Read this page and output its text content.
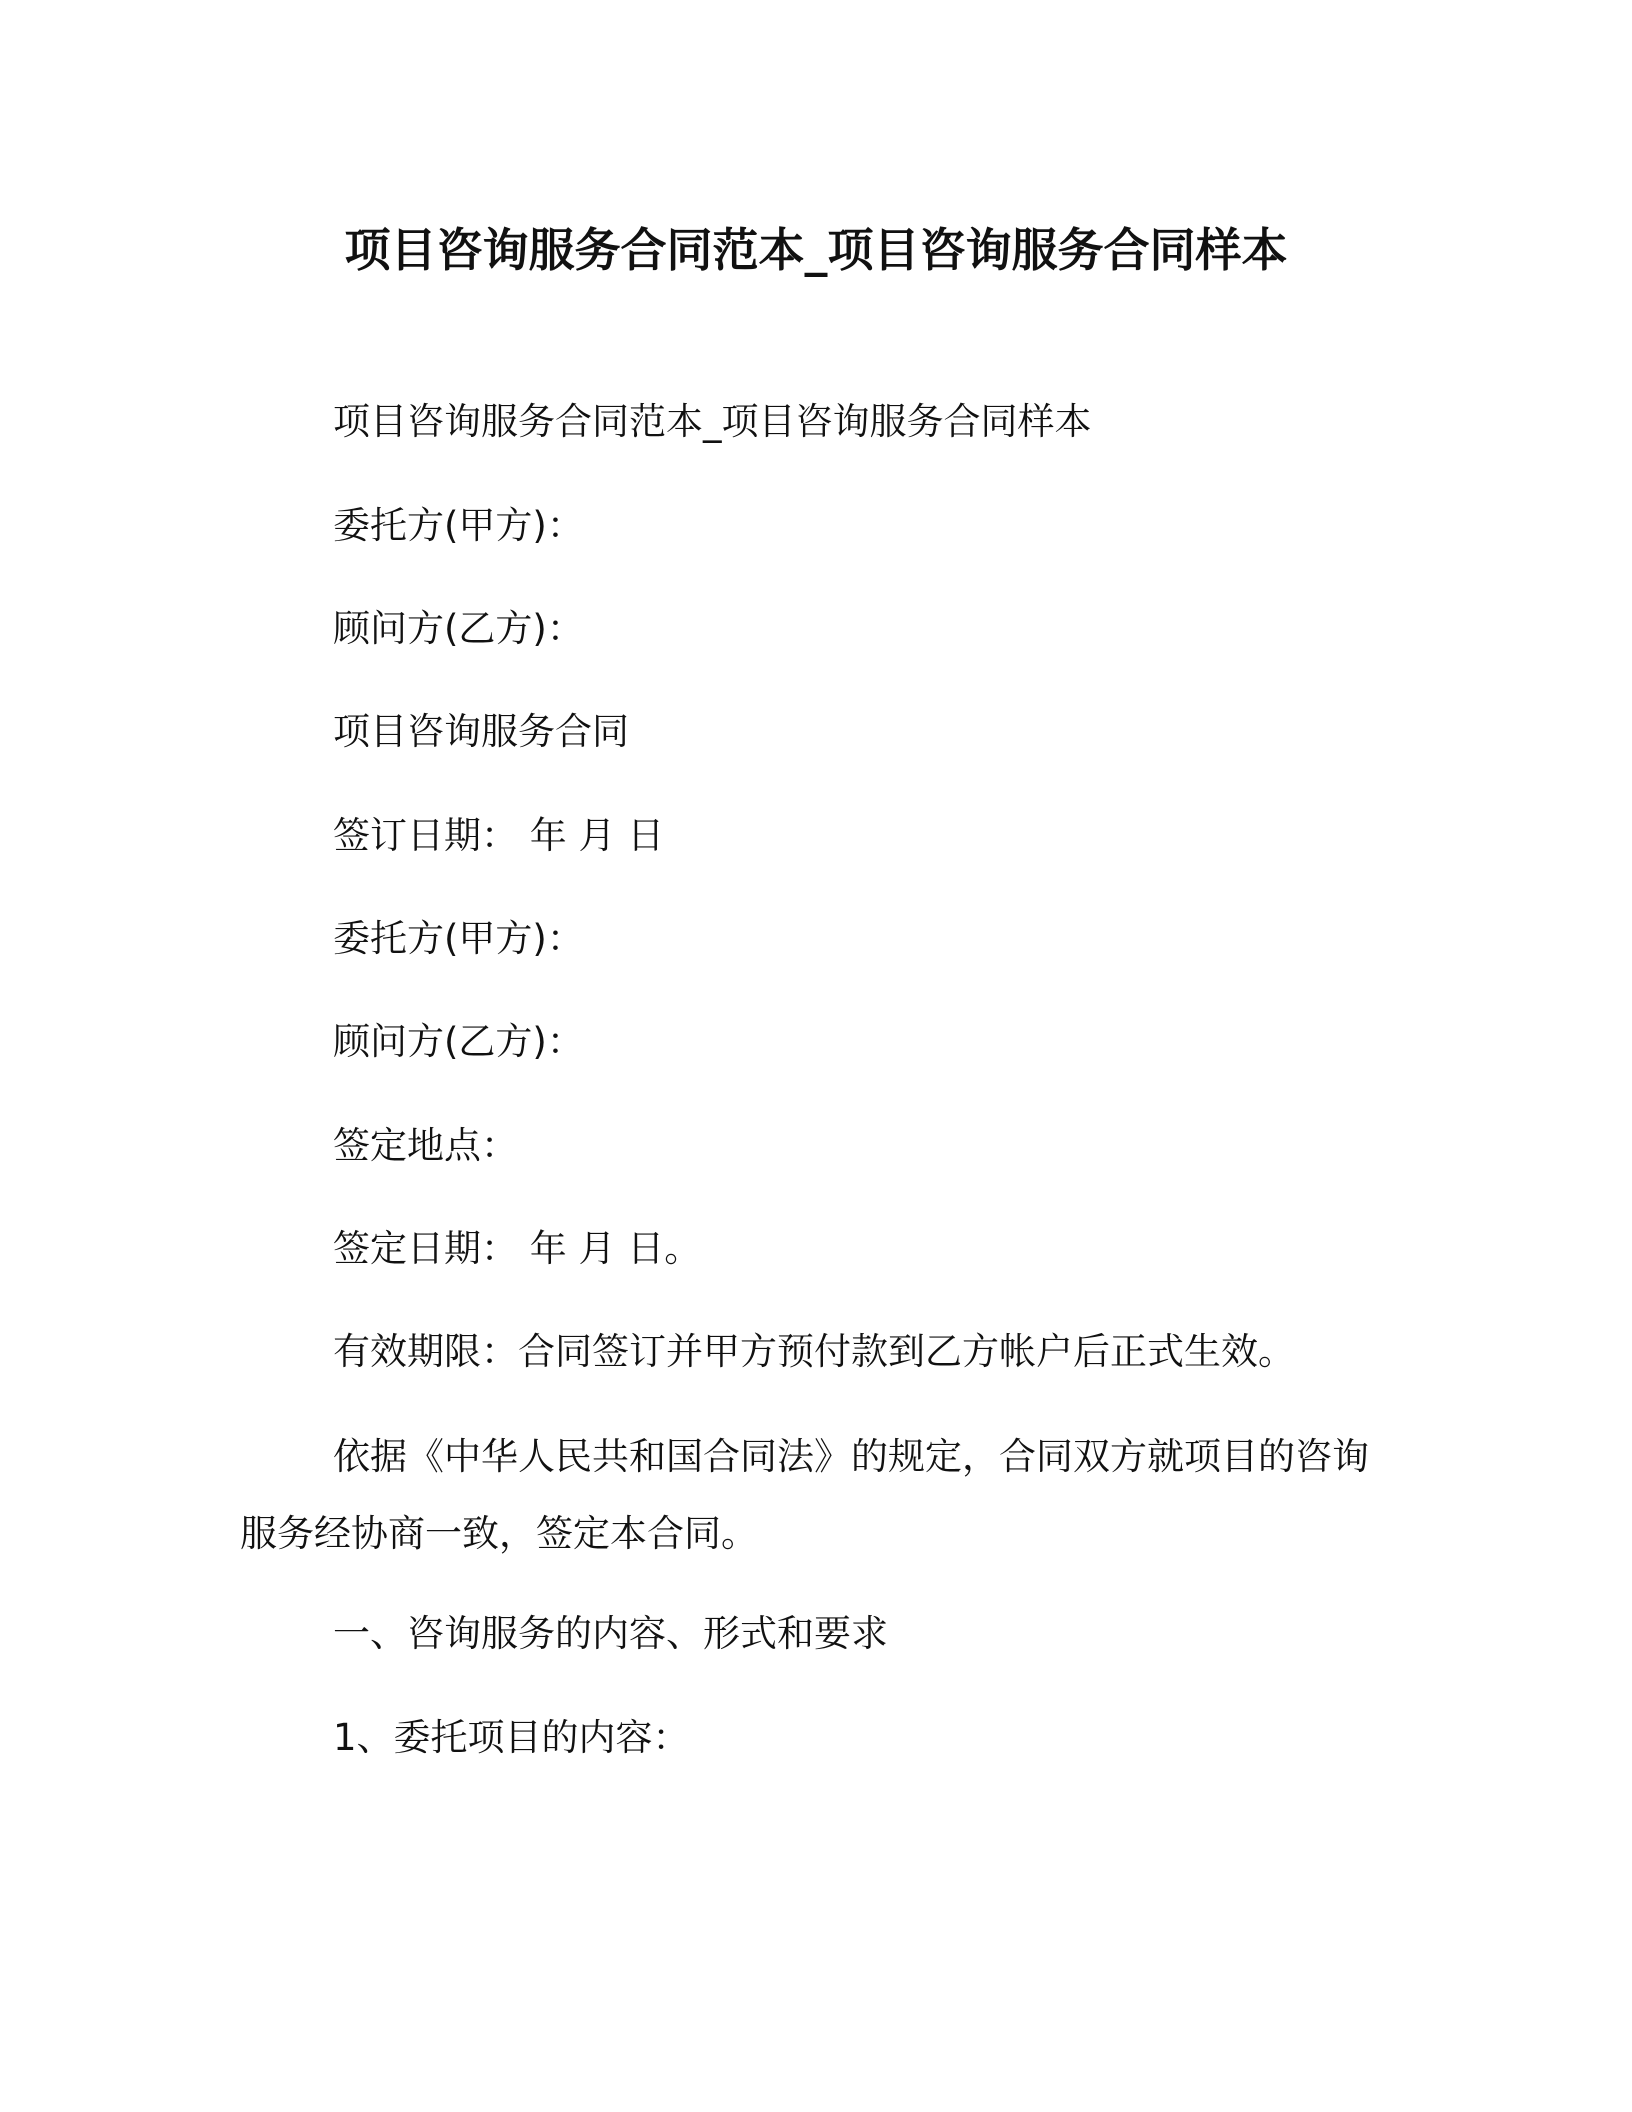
项目咨询服务合同范本_项目咨询服务合同样本

项目咨询服务合同范本_项目咨询服务合同样本

委托方(甲方)：

顾问方(乙方)：

项目咨询服务合同

签订日期： 年 月 日

委托方(甲方)：

顾问方(乙方)：

签定地点：

签定日期： 年 月 日。

有效期限：合同签订并甲方预付款到乙方帐户后正式生效。

依据《中华人民共和国合同法》的规定，合同双方就项目的咨询服务经协商一致，签定本合同。

一、咨询服务的内容、形式和要求

1、委托项目的内容：
